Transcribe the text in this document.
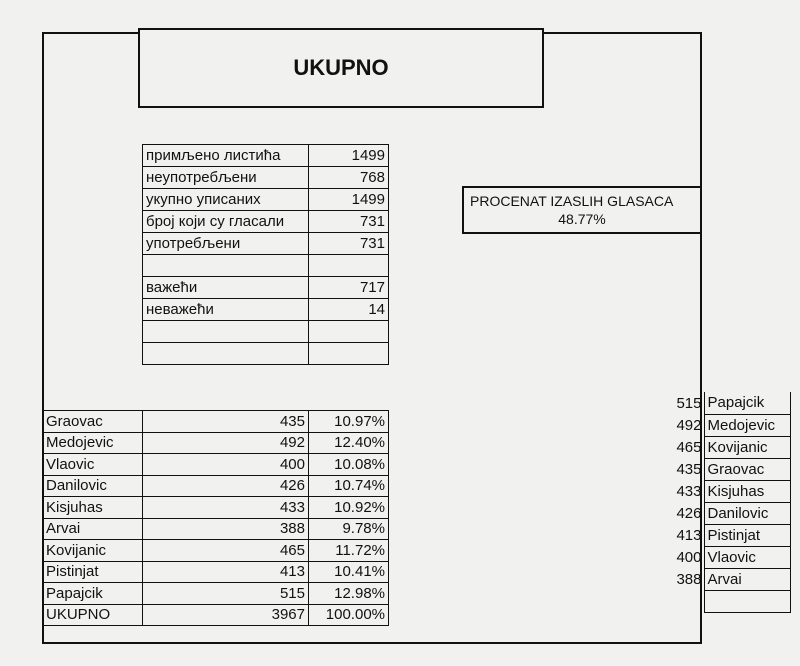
UKUPNO
примљено листића	1499
неупотребљени	768
укупно уписаних	1499
број који су гласали	731
употребљени	731

важећи	717
неважећи	14

PROCENAT IZASLIH GLASACA
48.77%
Graovac	435	10.97%
Medojevic	492	12.40%
Vlaovic	400	10.08%
Danilovic	426	10.74%
Kisjuhas	433	10.92%
Arvai	388	9.78%
Kovijanic	465	11.72%
Pistinjat	413	10.41%
Papajcik	515	12.98%
UKUPNO	3967	100.00%
515	Papajcik
492	Medojevic
465	Kovijanic
435	Graovac
433	Kisjuhas
426	Danilovic
413	Pistinjat
400	Vlaovic
388	Arvai
